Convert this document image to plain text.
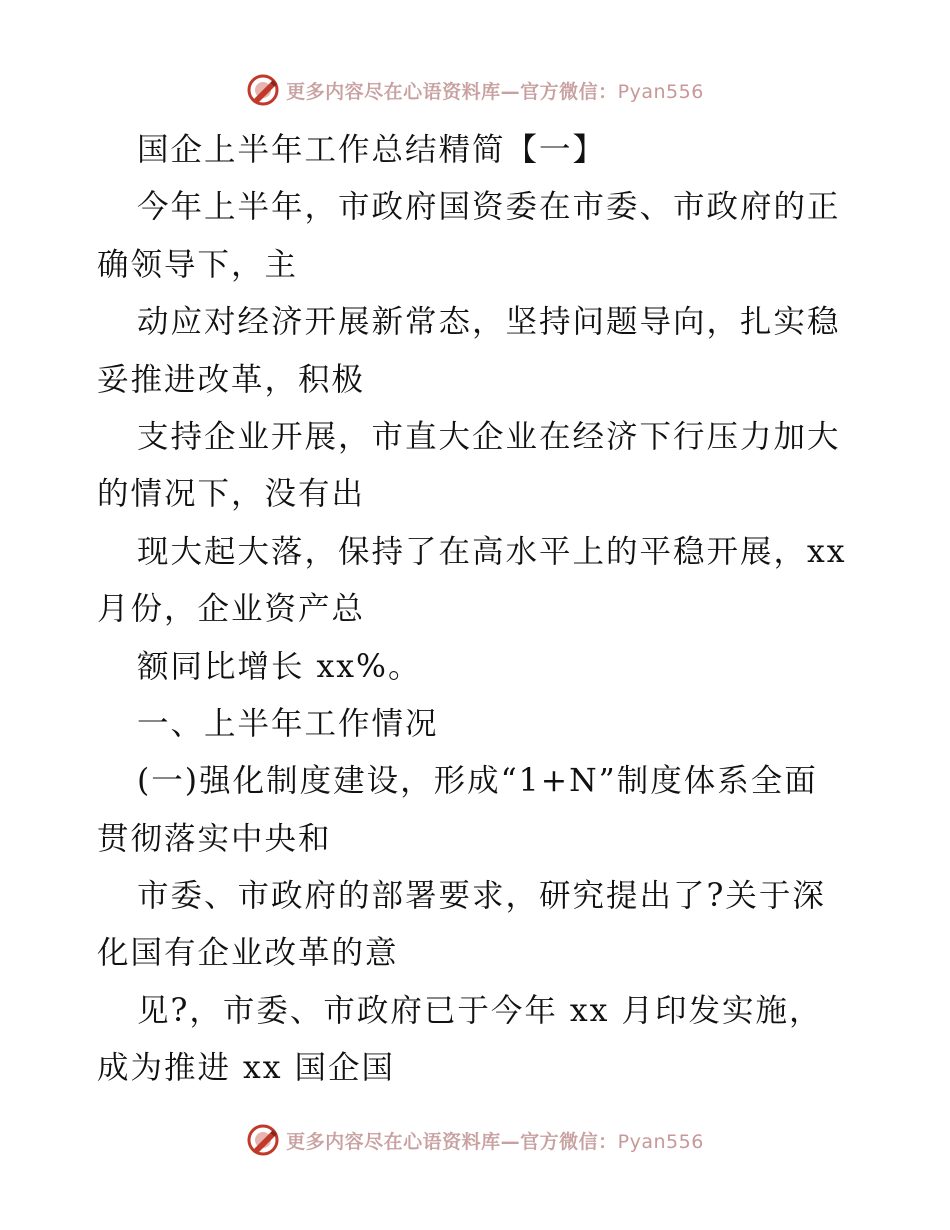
更多内容尽在心语资料库—官方微信：Pyan556
国企上半年工作总结精简【一】
今年上半年，市政府国资委在市委、市政府的正
确领导下，主
动应对经济开展新常态，坚持问题导向，扎实稳
妥推进改革，积极
支持企业开展，市直大企业在经济下行压力加大
的情况下，没有出
现大起大落，保持了在高水平上的平稳开展，xx
月份，企业资产总
额同比增长 xx%。
一、上半年工作情况
(一)强化制度建设，形成“1+N”制度体系全面
贯彻落实中央和
市委、市政府的部署要求，研究提出了?关于深
化国有企业改革的意
见?，市委、市政府已于今年 xx 月印发实施，
成为推进 xx 国企国
更多内容尽在心语资料库—官方微信：Pyan556
